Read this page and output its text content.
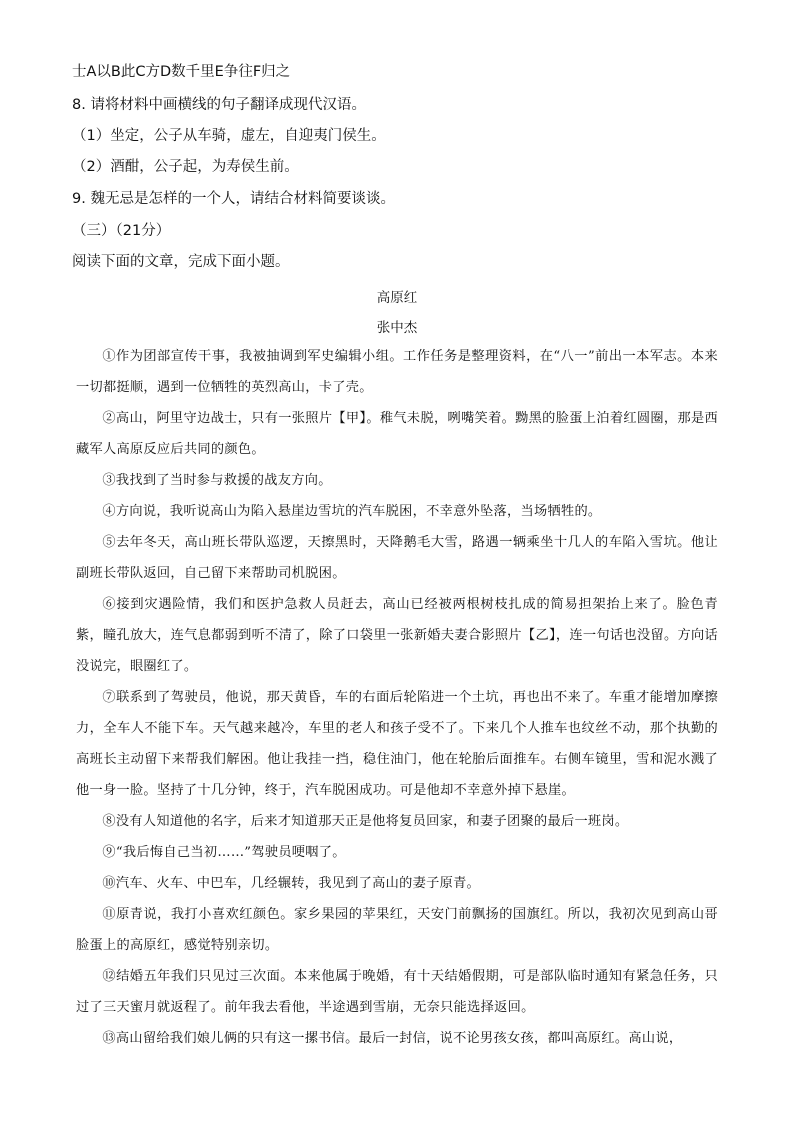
士A以B此C方D数千里E争往F归之
8. 请将材料中画横线的句子翻译成现代汉语。
（1）坐定，公子从车骑，虚左，自迎夷门侯生。
（2）酒酣，公子起，为寿侯生前。
9. 魏无忌是怎样的一个人，请结合材料简要谈谈。
（三）（21分）
阅读下面的文章，完成下面小题。
高原红
张中杰
①作为团部宣传干事，我被抽调到军史编辑小组。工作任务是整理资料，在“八一”前出一本军志。本来一切都挺顺，遇到一位牺牲的英烈高山，卡了壳。
②高山，阿里守边战士，只有一张照片【甲】。稚气未脱，咧嘴笑着。黝黑的脸蛋上泊着红圆圈，那是西藏军人高原反应后共同的颜色。
③我找到了当时参与救援的战友方向。
④方向说，我听说高山为陷入悬崖边雪坑的汽车脱困，不幸意外坠落，当场牺牲的。
⑤去年冬天，高山班长带队巡逻，天擦黑时，天降鹅毛大雪，路遇一辆乘坐十几人的车陷入雪坑。他让副班长带队返回，自己留下来帮助司机脱困。
⑥接到灾遇险情，我们和医护急救人员赶去，高山已经被两根树枝扎成的简易担架抬上来了。脸色青紫，瞳孔放大，连气息都弱到听不清了，除了口袋里一张新婚夫妻合影照片【乙】，连一句话也没留。方向话没说完，眼圈红了。
⑦联系到了驾驶员，他说，那天黄昏，车的右面后轮陷进一个土坑，再也出不来了。车重才能增加摩擦力，全车人不能下车。天气越来越冷，车里的老人和孩子受不了。下来几个人推车也纹丝不动，那个执勤的高班长主动留下来帮我们解困。他让我挂一挡，稳住油门，他在轮胎后面推车。右侧车镜里，雪和泥水溅了他一身一脸。坚持了十几分钟，终于，汽车脱困成功。可是他却不幸意外掉下悬崖。
⑧没有人知道他的名字，后来才知道那天正是他将复员回家，和妻子团聚的最后一班岗。
⑨“我后悔自己当初……”驾驶员哽咽了。
⑩汽车、火车、中巴车，几经辗转，我见到了高山的妻子原青。
⑪原青说，我打小喜欢红颜色。家乡果园的苹果红，天安门前飘扬的国旗红。所以，我初次见到高山哥脸蛋上的高原红，感觉特别亲切。
⑫结婚五年我们只见过三次面。本来他属于晚婚，有十天结婚假期，可是部队临时通知有紧急任务，只过了三天蜜月就返程了。前年我去看他，半途遇到雪崩，无奈只能选择返回。
⑬高山留给我们娘儿俩的只有这一摞书信。最后一封信，说不论男孩女孩，都叫高原红。高山说，
